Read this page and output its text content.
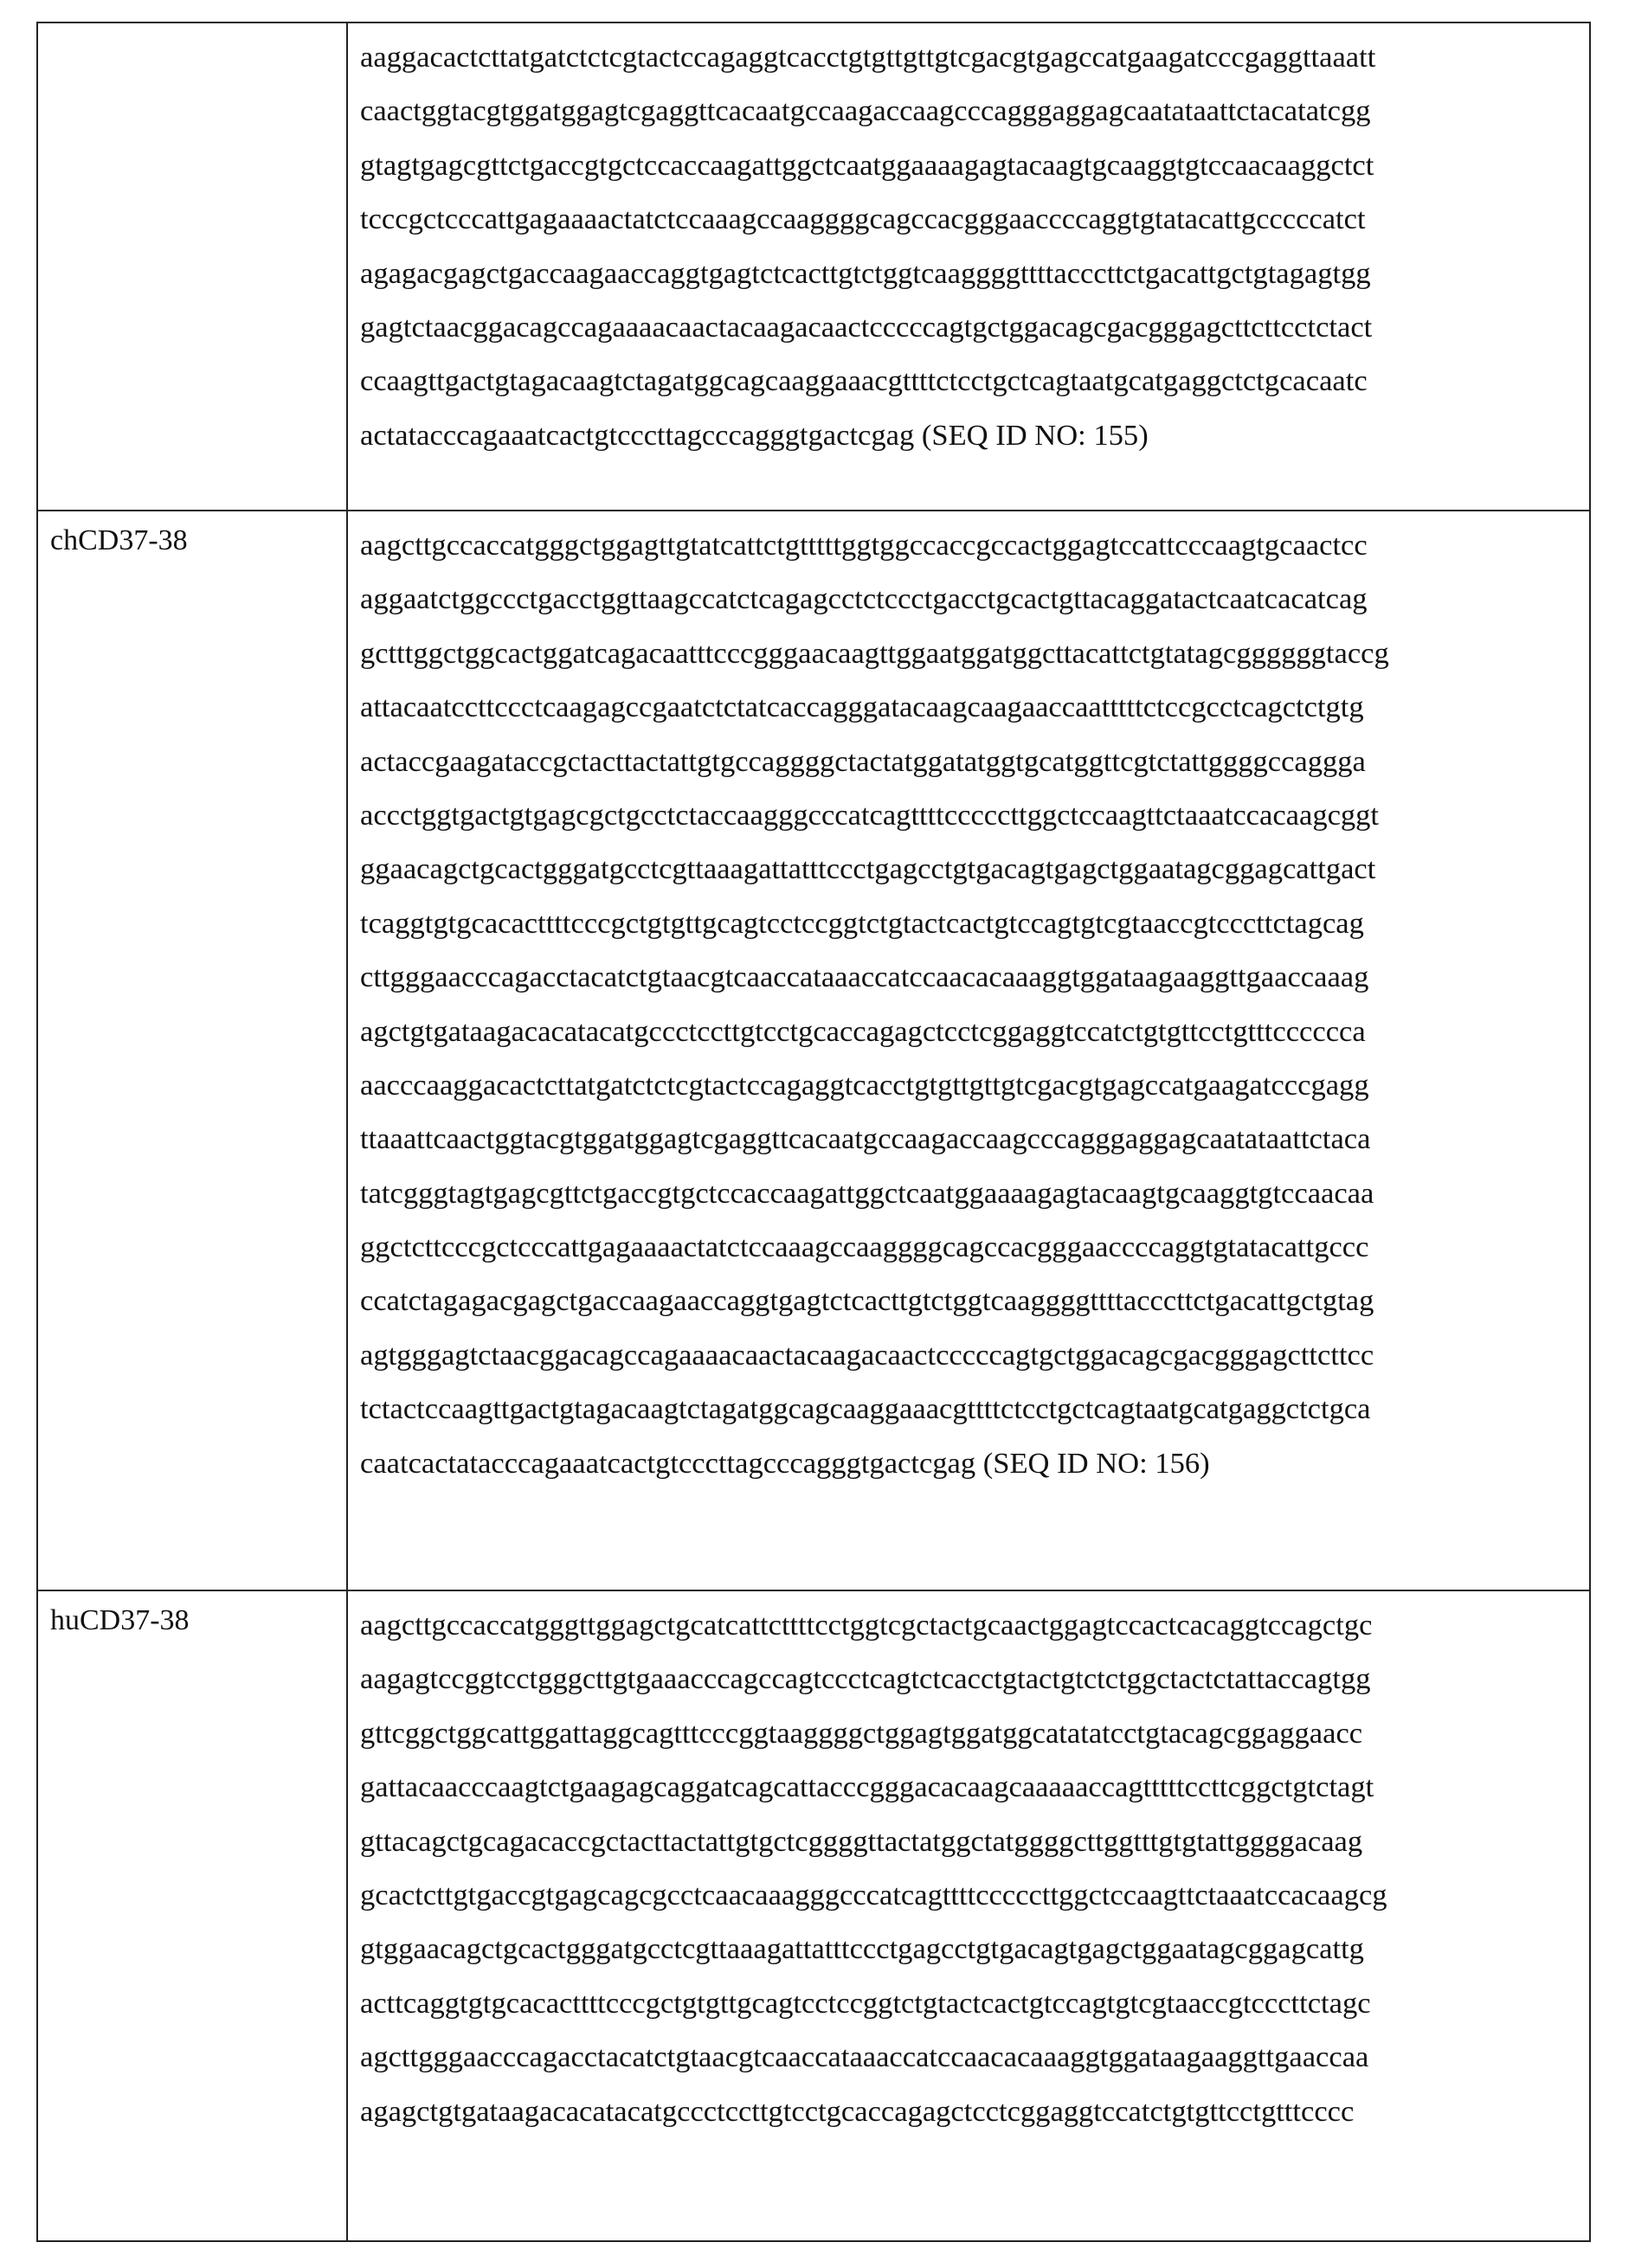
aaggacactcttatgatctctcgtactccagaggtcacctgtgttgttgtcgacgtgagccatgaagatcccgaggttaaatt
caactggtacgtggatggagtcgaggttcacaatgccaagaccaagcccagggaggagcaatataattctacatatcgg
gtagtgagcgttctgaccgtgctccaccaagattggctcaatggaaaagagtacaagtgcaaggtgtccaacaaggctct
tcccgctcccattgagaaaactatctccaaagccaaggggcagccacgggaaccccaggtgtatacattgcccccatct
agagacgagctgaccaagaaccaggtgagtctcacttgtctggtcaaggggttttacccttctgacattgctgtagagtgg
gagtctaacggacagccagaaaacaactacaagacaactcccccagtgctggacagcgacgggagcttcttcctctact
ccaagttgactgtagacaagtctagatggcagcaaggaaacgttttctcctgctcagtaatgcatgaggctctgcacaatc
actatacccagaaatcactgtcccttagcccagggtgactcgag (SEQ ID NO: 155)

chCD37-38	aagcttgccaccatgggctggagttgtatcattctgtttttggtggccaccgccactggagtccattcccaagtgcaactcc
aggaatctggccctgacctggttaagccatctcagagcctctccctgacctgcactgttacaggatactcaatcacatcag
gctttggctggcactggatcagacaatttcccgggaacaagttggaatggatggcttacattctgtatagcggggggtaccg
attacaatccttccctcaagagccgaatctctatcaccagggatacaagcaagaaccaatttttctccgcctcagctctgtg
actaccgaagataccgctacttactattgtgccaggggctactatggatatggtgcatggttcgtctattggggccaggga
accctggtgactgtgagcgctgcctctaccaagggcccatcagttttcccccttggctccaagttctaaatccacaagcggt
ggaacagctgcactgggatgcctcgttaaagattatttccctgagcctgtgacagtgagctggaatagcggagcattgact
tcaggtgtgcacacttttcccgctgtgttgcagtcctccggtctgtactcactgtccagtgtcgtaaccgtcccttctagcag
cttgggaacccagacctacatctgtaacgtcaaccataaaccatccaacacaaaggtggataagaaggttgaaccaaag
agctgtgataagacacatacatgccctccttgtcctgcaccagagctcctcggaggtccatctgtgttcctgtttcccccca
aacccaaggacactcttatgatctctcgtactccagaggtcacctgtgttgttgtcgacgtgagccatgaagatcccgagg
ttaaattcaactggtacgtggatggagtcgaggttcacaatgccaagaccaagcccagggaggagcaatataattctaca
tatcgggtagtgagcgttctgaccgtgctccaccaagattggctcaatggaaaagagtacaagtgcaaggtgtccaacaa
ggctcttcccgctcccattgagaaaactatctccaaagccaaggggcagccacgggaaccccaggtgtatacattgccc
ccatctagagacgagctgaccaagaaccaggtgagtctcacttgtctggtcaaggggttttacccttctgacattgctgtag
agtgggagtctaacggacagccagaaaacaactacaagacaactcccccagtgctggacagcgacgggagcttcttcc
tctactccaagttgactgtagacaagtctagatggcagcaaggaaacgttttctcctgctcagtaatgcatgaggctctgca
caatcactatacccagaaatcactgtcccttagcccagggtgactcgag (SEQ ID NO: 156)

huCD37-38	aagcttgccaccatgggttggagctgcatcattcttttcctggtcgctactgcaactggagtccactcacaggtccagctgc
aagagtccggtcctgggcttgtgaaacccagccagtccctcagtctcacctgtactgtctctggctactctattaccagtgg
gttcggctggcattggattaggcagtttcccggtaaggggctggagtggatggcatatatcctgtacagcggaggaacc
gattacaacccaagtctgaagagcaggatcagcattacccgggacacaagcaaaaaccagtttttccttcggctgtctagt
gttacagctgcagacaccgctacttactattgtgctcggggttactatggctatggggcttggtttgtgtattggggacaag
gcactcttgtgaccgtgagcagcgcctcaacaaagggcccatcagttttcccccttggctccaagttctaaatccacaagcg
gtggaacagctgcactgggatgcctcgttaaagattatttccctgagcctgtgacagtgagctggaatagcggagcattg
acttcaggtgtgcacacttttcccgctgtgttgcagtcctccggtctgtactcactgtccagtgtcgtaaccgtcccttctagc
agcttgggaacccagacctacatctgtaacgtcaaccataaaccatccaacacaaaggtggataagaaggttgaaccaa
agagctgtgataagacacatacatgccctccttgtcctgcaccagagctcctcggaggtccatctgtgttcctgtttcccc
